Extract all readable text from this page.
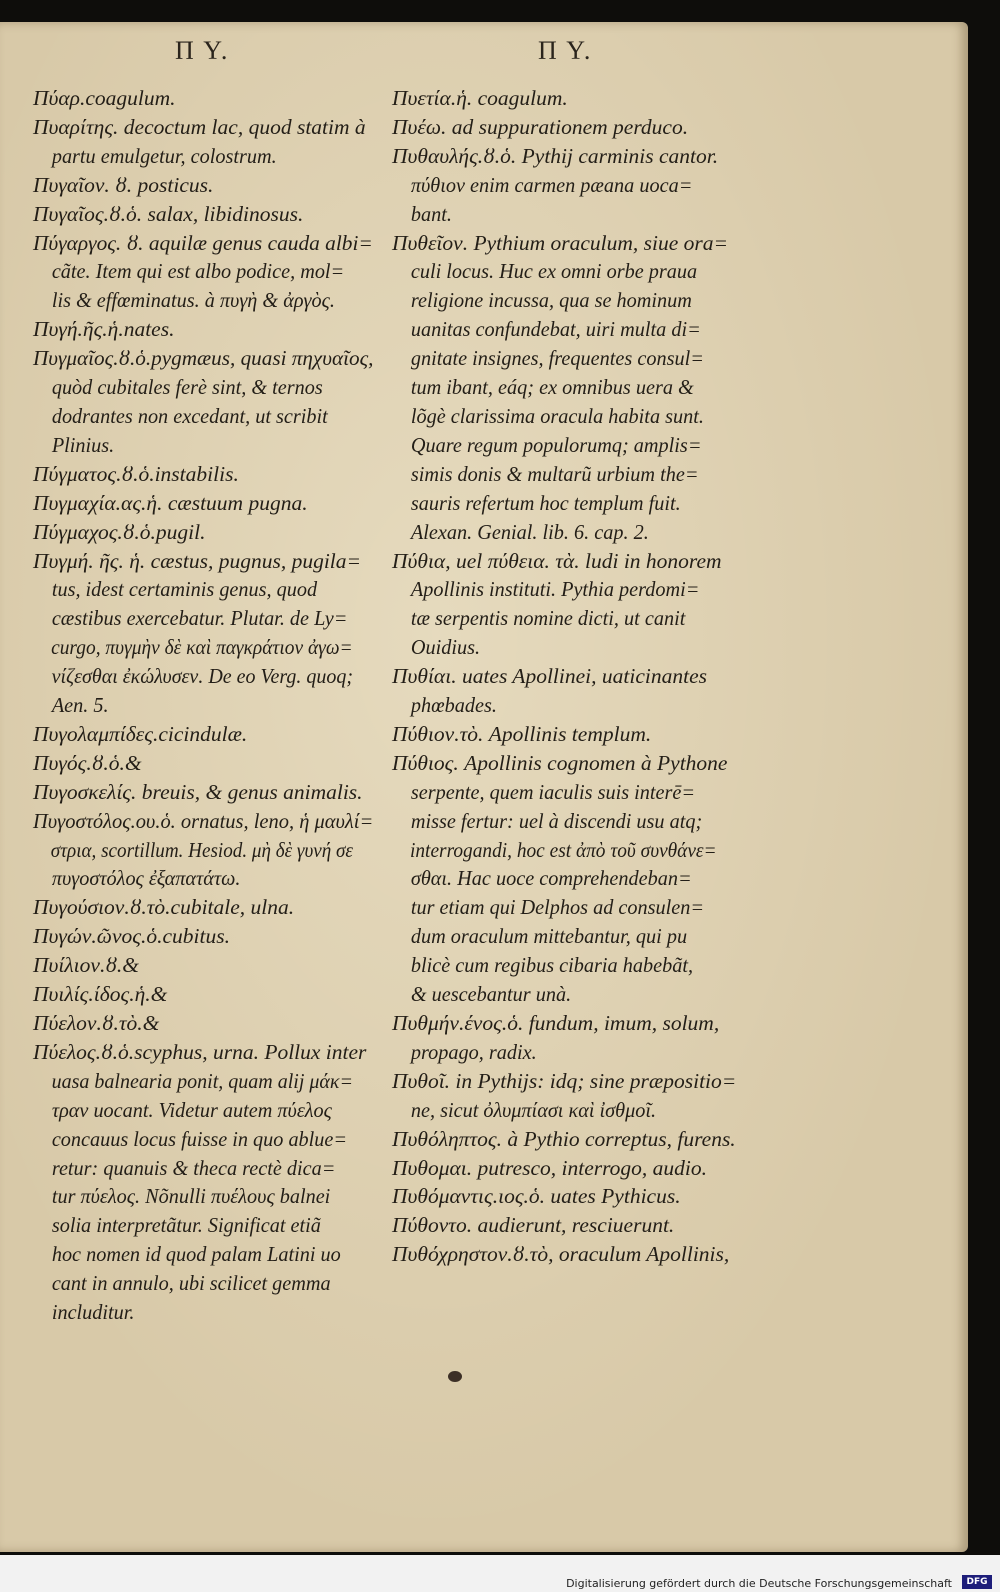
Π Υ.	Π Υ.
Πύαρ.coagulum.
Πυαρίτης. decoctum lac, quod statim à
partu emulgetur, colostrum.
Πυγαῖον. ȣ. posticus.
Πυγαῖος.ȣ.ὁ. salax, libidinosus.
Πύγαργος. ȣ. aquilæ genus cauda albi=
cãte. Item qui est albo podice, mol=
lis & effœminatus. à πυγὴ & ἀργὸς.
Πυγή.ῆς.ἡ.nates.
Πυγμαῖος.ȣ.ὁ.pygmæus, quasi πηχυαῖος,
quòd cubitales ferè sint, & ternos
dodrantes non excedant, ut scribit
Plinius.
Πύγματος.ȣ.ὁ.instabilis.
Πυγμαχία.ας.ἡ. cæstuum pugna.
Πύγμαχος.ȣ.ὁ.pugil.
Πυγμή. ῆς. ἡ. cæstus, pugnus, pugila=
tus, idest certaminis genus, quod
cæstibus exercebatur. Plutar. de Ly=
curgo, πυγμὴν δὲ καὶ παγκράτιον ἀγω=
νίζεσθαι ἐκώλυσεν. De eo Verg. quoq;
Aen. 5.
Πυγολαμπίδες.cicindulæ.
Πυγός.ȣ.ὁ.&
Πυγοσκελίς. breuis, & genus animalis.
Πυγοστόλος.ου.ὁ. ornatus, leno, ἡ μαυλί=
στρια, scortillum. Hesiod. μὴ δὲ γυνή σε
πυγοστόλος ἐξαπατάτω.
Πυγούσιον.ȣ.τὸ.cubitale, ulna.
Πυγών.ῶνος.ὁ.cubitus.
Πυίλιον.ȣ.&
Πυιλίς.ίδος.ἡ.&
Πύελον.ȣ.τὸ.&
Πύελος.ȣ.ὁ.scyphus, urna. Pollux inter
uasa balnearia ponit, quam alij μάκ=
τραν uocant. Videtur autem πύελος
concauus locus fuisse in quo ablue=
retur: quanuis & theca rectè dica=
tur πύελος. Nõnulli πυέλους balnei
solia interpretãtur. Significat etiã
hoc nomen id quod palam Latini uo
cant in annulo, ubi scilicet gemma
includitur.
Πυετία.ἡ. coagulum.
Πυέω. ad suppurationem perduco.
Πυθαυλής.ȣ.ὁ. Pythij carminis cantor.
πύθιον enim carmen pæana uoca=
bant.
Πυθεῖον. Pythium oraculum, siue ora=
culi locus. Huc ex omni orbe praua
religione incussa, qua se hominum
uanitas confundebat, uiri multa di=
gnitate insignes, frequentes consul=
tum ibant, eáq; ex omnibus uera &
lõgè clarissima oracula habita sunt.
Quare regum populorumq; amplis=
simis donis & multarũ urbium the=
sauris refertum hoc templum fuit.
Alexan. Genial. lib. 6. cap. 2.
Πύθια, uel πύθεια. τὰ. ludi in honorem
Apollinis instituti. Pythia perdomi=
tæ serpentis nomine dicti, ut canit
Ouidius.
Πυθίαι. uates Apollinei, uaticinantes
phœbades.
Πύθιον.τὸ. Apollinis templum.
Πύθιος. Apollinis cognomen à Pythone
serpente, quem iaculis suis interē=
misse fertur: uel à discendi usu atq;
interrogandi, hoc est ἀπὸ τοῦ συνθάνε=
σθαι. Hac uoce comprehendeban=
tur etiam qui Delphos ad consulen=
dum oraculum mittebantur, qui pu
blicè cum regibus cibaria habebãt,
& uescebantur unà.
Πυθμήν.ένος.ὁ. fundum, imum, solum,
propago, radix.
Πυθοῖ. in Pythijs: idq; sine præpositio=
ne, sicut ὀλυμπίασι καὶ ἰσθμοῖ.
Πυθόληπτος. à Pythio correptus, furens.
Πυθομαι. putresco, interrogo, audio.
Πυθόμαντις.ιος.ὁ. uates Pythicus.
Πύθοντο. audierunt, resciuerunt.
Πυθόχρηστον.ȣ.τὸ, oraculum Apollinis,
Digitalisierung gefördert durch die Deutsche Forschungsgemeinschaft	DFG
